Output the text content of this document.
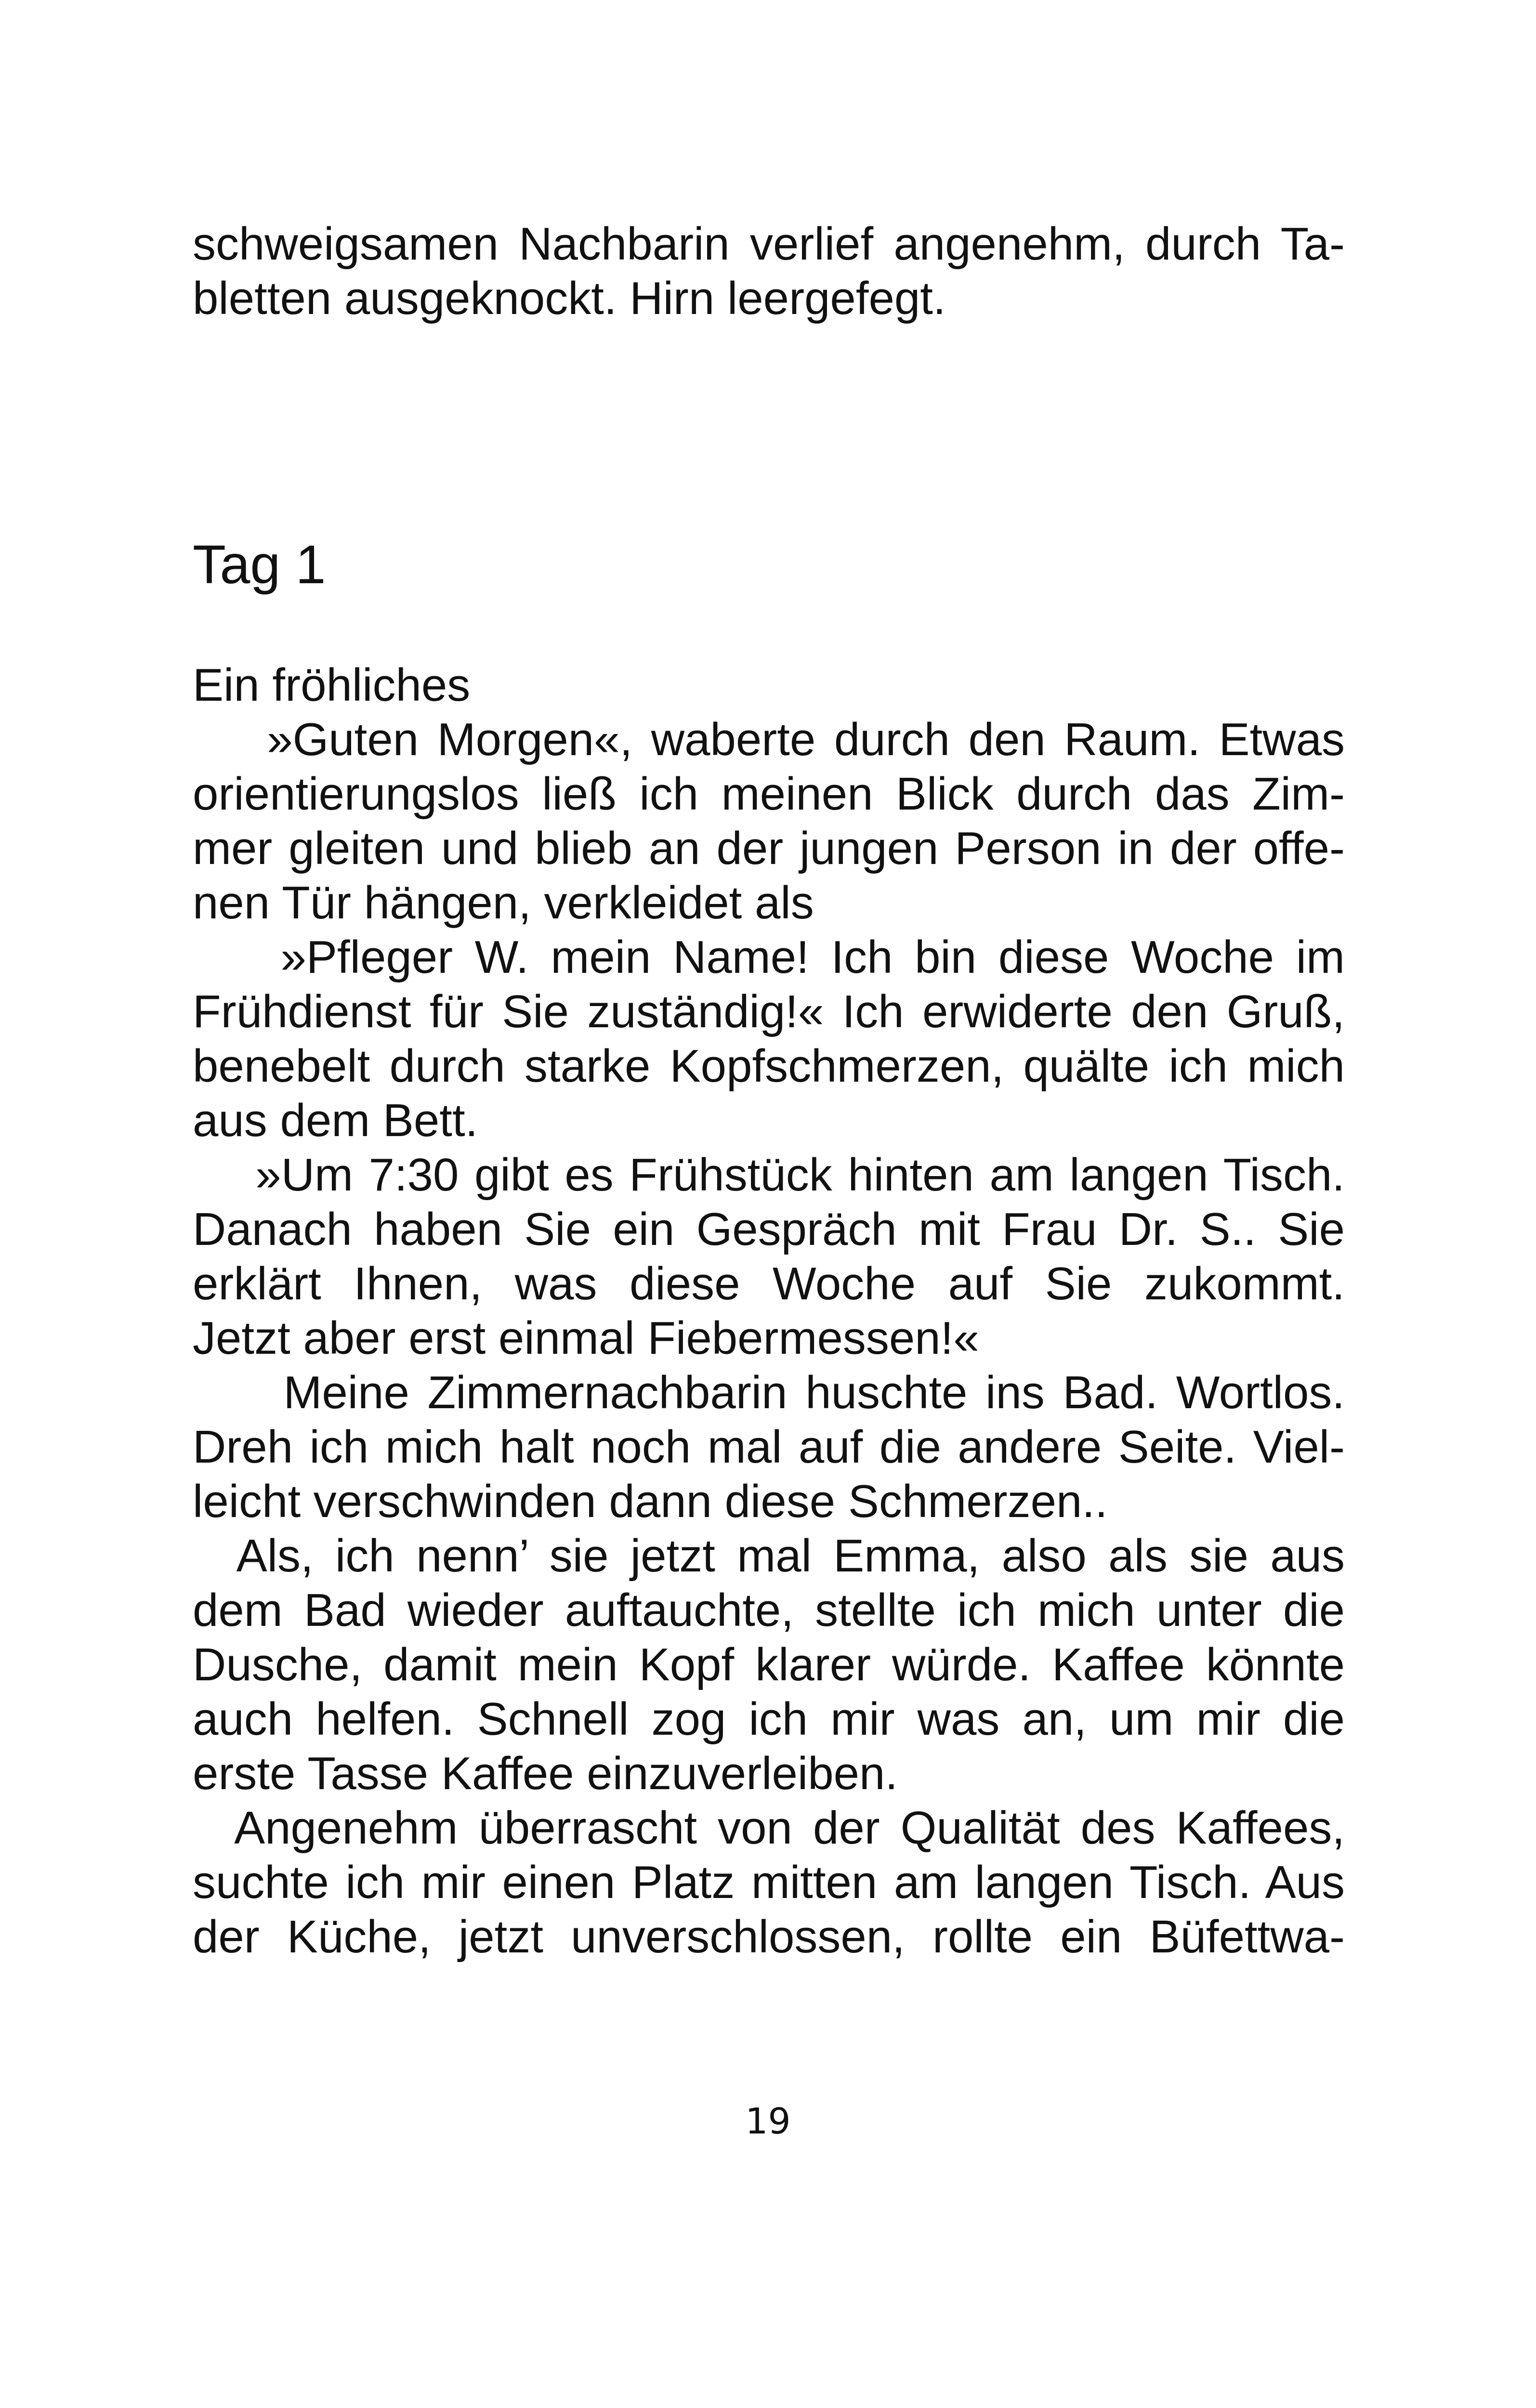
schweigsamen Nachbarin verlief angenehm, durch Ta-
bletten ausgeknockt. Hirn leergefegt.
Tag 1
Ein fröhliches
»Guten Morgen«, waberte durch den Raum. Etwas
orientierungslos ließ ich meinen Blick durch das Zim-
mer gleiten und blieb an der jungen Person in der offe-
nen Tür hängen, verkleidet als
»Pfleger W. mein Name! Ich bin diese Woche im
Frühdienst für Sie zuständig!« Ich erwiderte den Gruß,
benebelt durch starke Kopfschmerzen, quälte ich mich
aus dem Bett.
»Um 7:30 gibt es Frühstück hinten am langen Tisch.
Danach haben Sie ein Gespräch mit Frau Dr. S.. Sie
erklärt Ihnen, was diese Woche auf Sie zukommt.
Jetzt aber erst einmal Fiebermessen!«
Meine Zimmernachbarin huschte ins Bad. Wortlos.
Dreh ich mich halt noch mal auf die andere Seite. Viel-
leicht verschwinden dann diese Schmerzen..
Als, ich nenn’ sie jetzt mal Emma, also als sie aus
dem Bad wieder auftauchte, stellte ich mich unter die
Dusche, damit mein Kopf klarer würde. Kaffee könnte
auch helfen. Schnell zog ich mir was an, um mir die
erste Tasse Kaffee einzuverleiben.
Angenehm überrascht von der Qualität des Kaffees,
suchte ich mir einen Platz mitten am langen Tisch. Aus
der Küche, jetzt unverschlossen, rollte ein Büfettwa-
19
